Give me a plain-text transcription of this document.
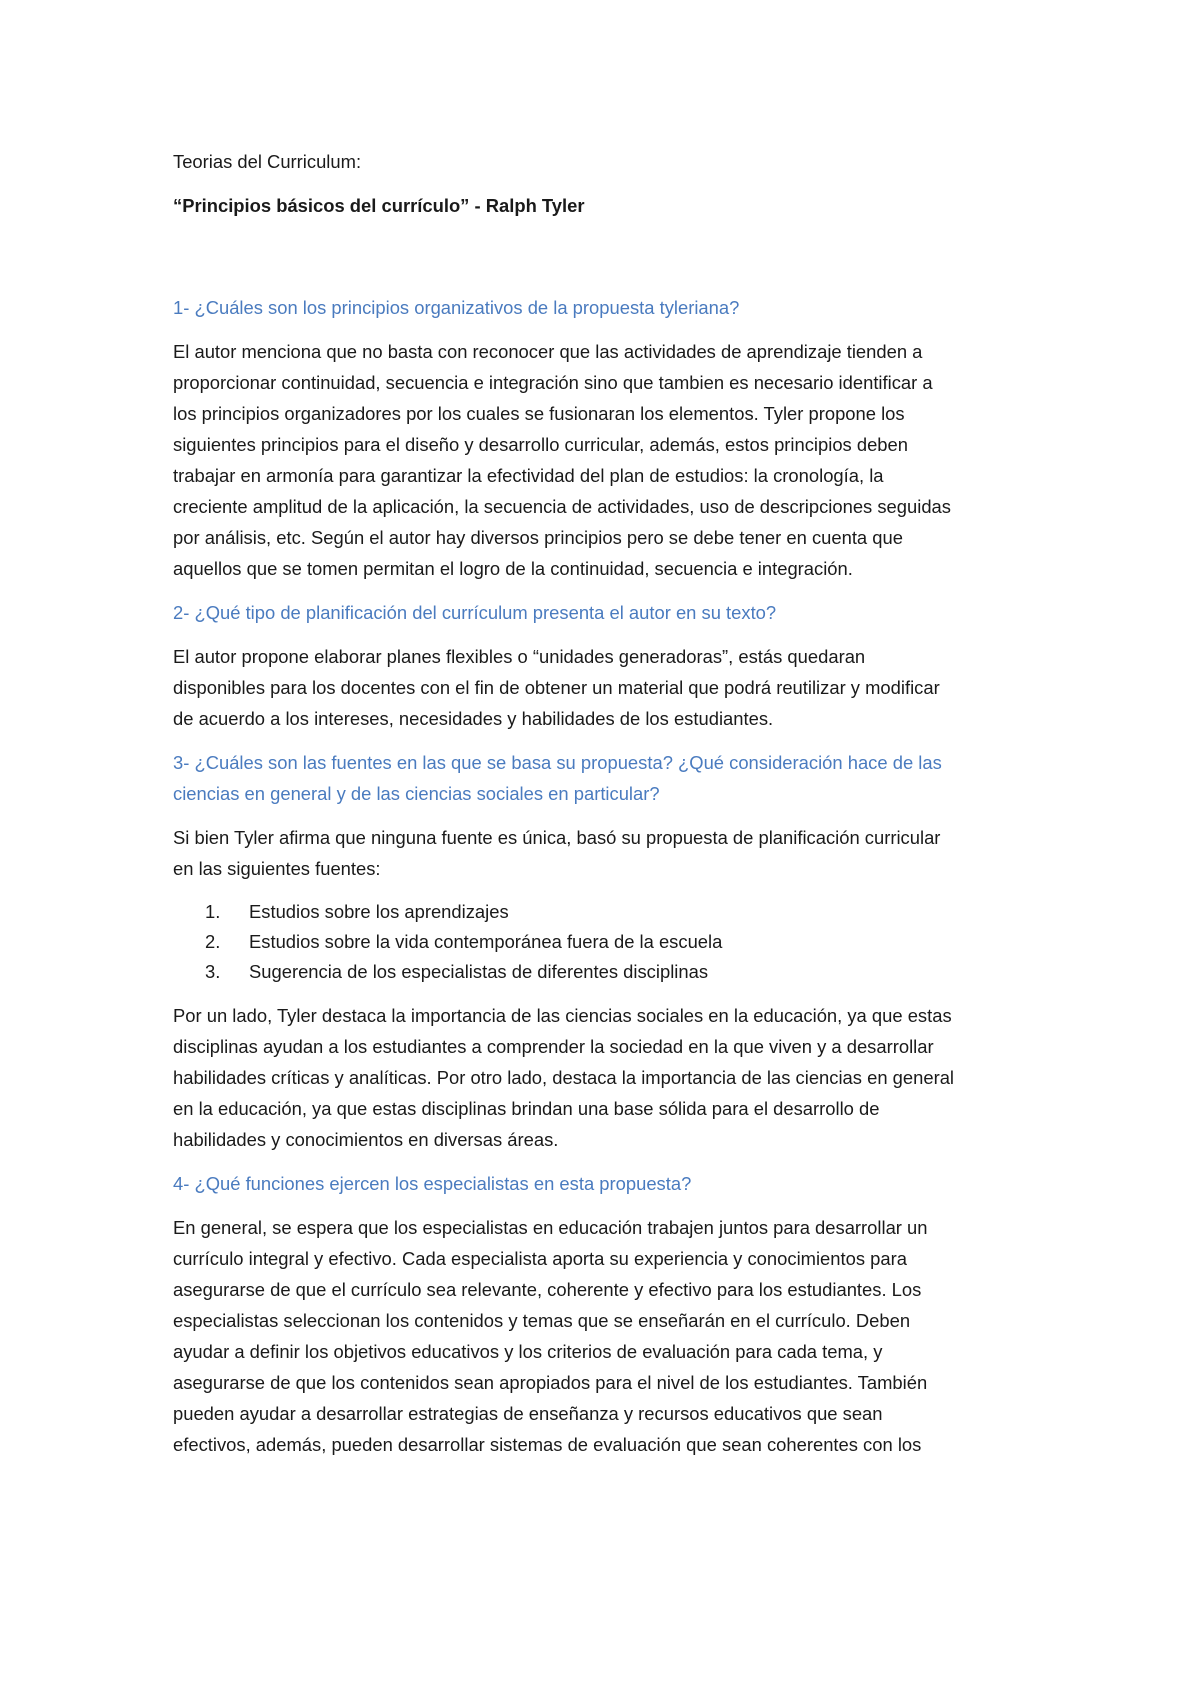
Teorias del Curriculum:

“Principios básicos del currículo” - Ralph Tyler

1- ¿Cuáles son los principios organizativos de la propuesta tyleriana?

El autor menciona que no basta con reconocer que las actividades de aprendizaje tienden a

proporcionar continuidad, secuencia e integración sino que tambien es necesario identificar a

los principios organizadores por los cuales se fusionaran los elementos. Tyler propone los

siguientes principios para el diseño y desarrollo curricular, además, estos principios deben

trabajar en armonía para garantizar la efectividad del plan de estudios: la cronología, la

creciente amplitud de la aplicación, la secuencia de actividades, uso de descripciones seguidas

por análisis, etc. Según el autor hay diversos principios pero se debe tener en cuenta que

aquellos que se tomen permitan el logro de la continuidad, secuencia e integración.

2- ¿Qué tipo de planificación del currículum presenta el autor en su texto?

El autor propone elaborar planes flexibles o “unidades generadoras”, estás quedaran

disponibles para los docentes con el fin de obtener un material que podrá reutilizar y modificar

de acuerdo a los intereses, necesidades y habilidades de los estudiantes.

3- ¿Cuáles son las fuentes en las que se basa su propuesta? ¿Qué consideración hace de las
ciencias en general y de las ciencias sociales en particular?

Si bien Tyler afirma que ninguna fuente es única, basó su propuesta de planificación curricular

en las siguientes fuentes:

1.	Estudios sobre los aprendizajes
2.	Estudios sobre la vida contemporánea fuera de la escuela
3.	Sugerencia de los especialistas de diferentes disciplinas

Por un lado, Tyler destaca la importancia de las ciencias sociales en la educación, ya que estas

disciplinas ayudan a los estudiantes a comprender la sociedad en la que viven y a desarrollar

habilidades críticas y analíticas. Por otro lado, destaca la importancia de las ciencias en general

en la educación, ya que estas disciplinas brindan una base sólida para el desarrollo de

habilidades y conocimientos en diversas áreas.

4- ¿Qué funciones ejercen los especialistas en esta propuesta?

En general, se espera que los especialistas en educación trabajen juntos para desarrollar un

currículo integral y efectivo. Cada especialista aporta su experiencia y conocimientos para

asegurarse de que el currículo sea relevante, coherente y efectivo para los estudiantes. Los

especialistas seleccionan los contenidos y temas que se enseñarán en el currículo. Deben

ayudar a definir los objetivos educativos y los criterios de evaluación para cada tema, y

asegurarse de que los contenidos sean apropiados para el nivel de los estudiantes. También

pueden ayudar a desarrollar estrategias de enseñanza y recursos educativos que sean

efectivos, además, pueden desarrollar sistemas de evaluación que sean coherentes con los
